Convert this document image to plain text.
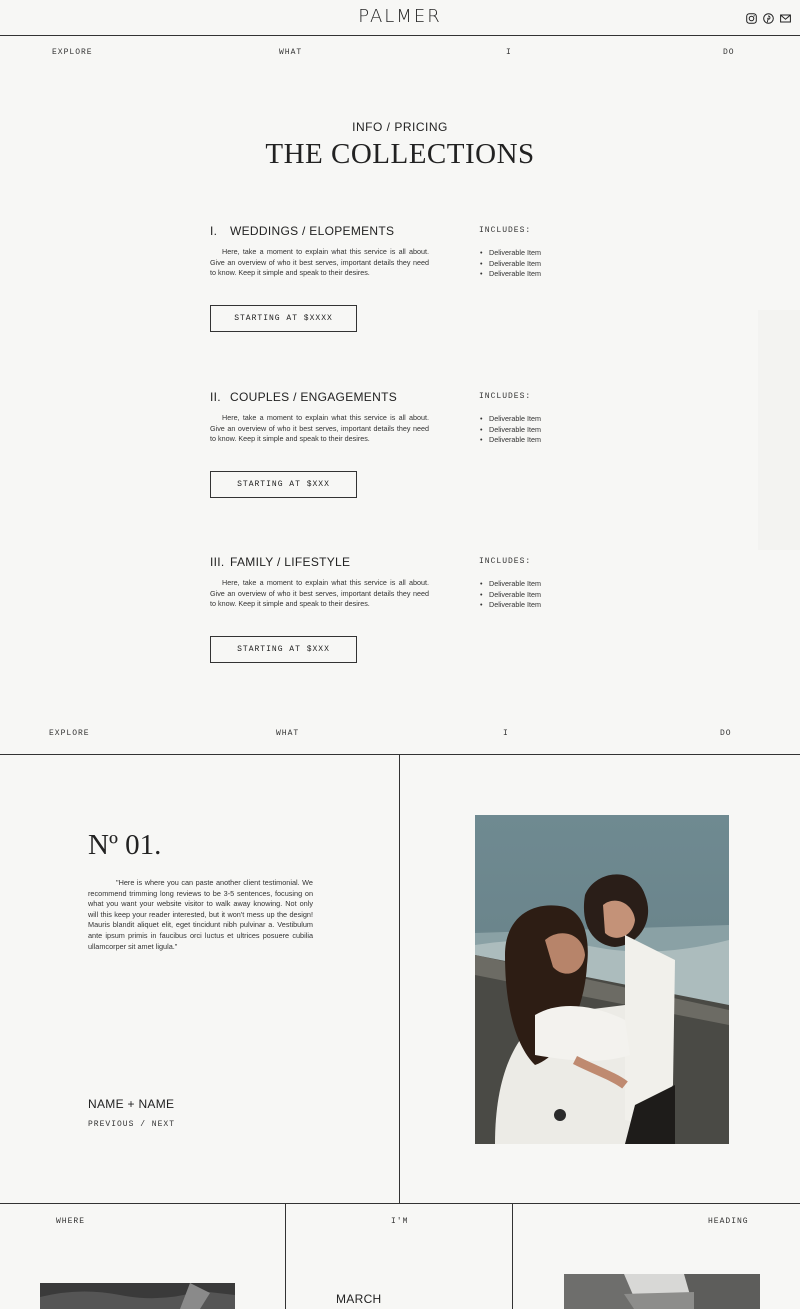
PALMER
EXPLORE	WHAT	I	DO
INFO / PRICING
THE COLLECTIONS
I. WEDDINGS / ELOPEMENTS

Here, take a moment to explain what this service is all about. Give an overview of who it best serves, important details they need to know. Keep it simple and speak to their desires.

INCLUDES:
• Deliverable Item
• Deliverable Item
• Deliverable Item
STARTING AT $XXXX
II. COUPLES / ENGAGEMENTS

Here, take a moment to explain what this service is all about. Give an overview of who it best serves, important details they need to know. Keep it simple and speak to their desires.

INCLUDES:
• Deliverable Item
• Deliverable Item
• Deliverable Item
STARTING AT $XXX
III. FAMILY / LIFESTYLE

Here, take a moment to explain what this service is all about. Give an overview of who it best serves, important details they need to know. Keep it simple and speak to their desires.

INCLUDES:
• Deliverable Item
• Deliverable Item
• Deliverable Item
STARTING AT $XXX
EXPLORE	WHAT	I	DO
Nº 01.

"Here is where you can paste another client testimonial. We recommend trimming long reviews to be 3-5 sentences, focusing on what you want your website visitor to walk away knowing. Not only will this keep your reader interested, but it won't mess up the design! Mauris blandit aliquet elit, eget tincidunt nibh pulvinar a. Vestibulum ante ipsum primis in faucibus orci luctus et ultrices posuere cubilia ullamcorper sit amet ligula."

NAME + NAME
PREVIOUS / NEXT
WHERE	I'M	HEADING
MARCH
